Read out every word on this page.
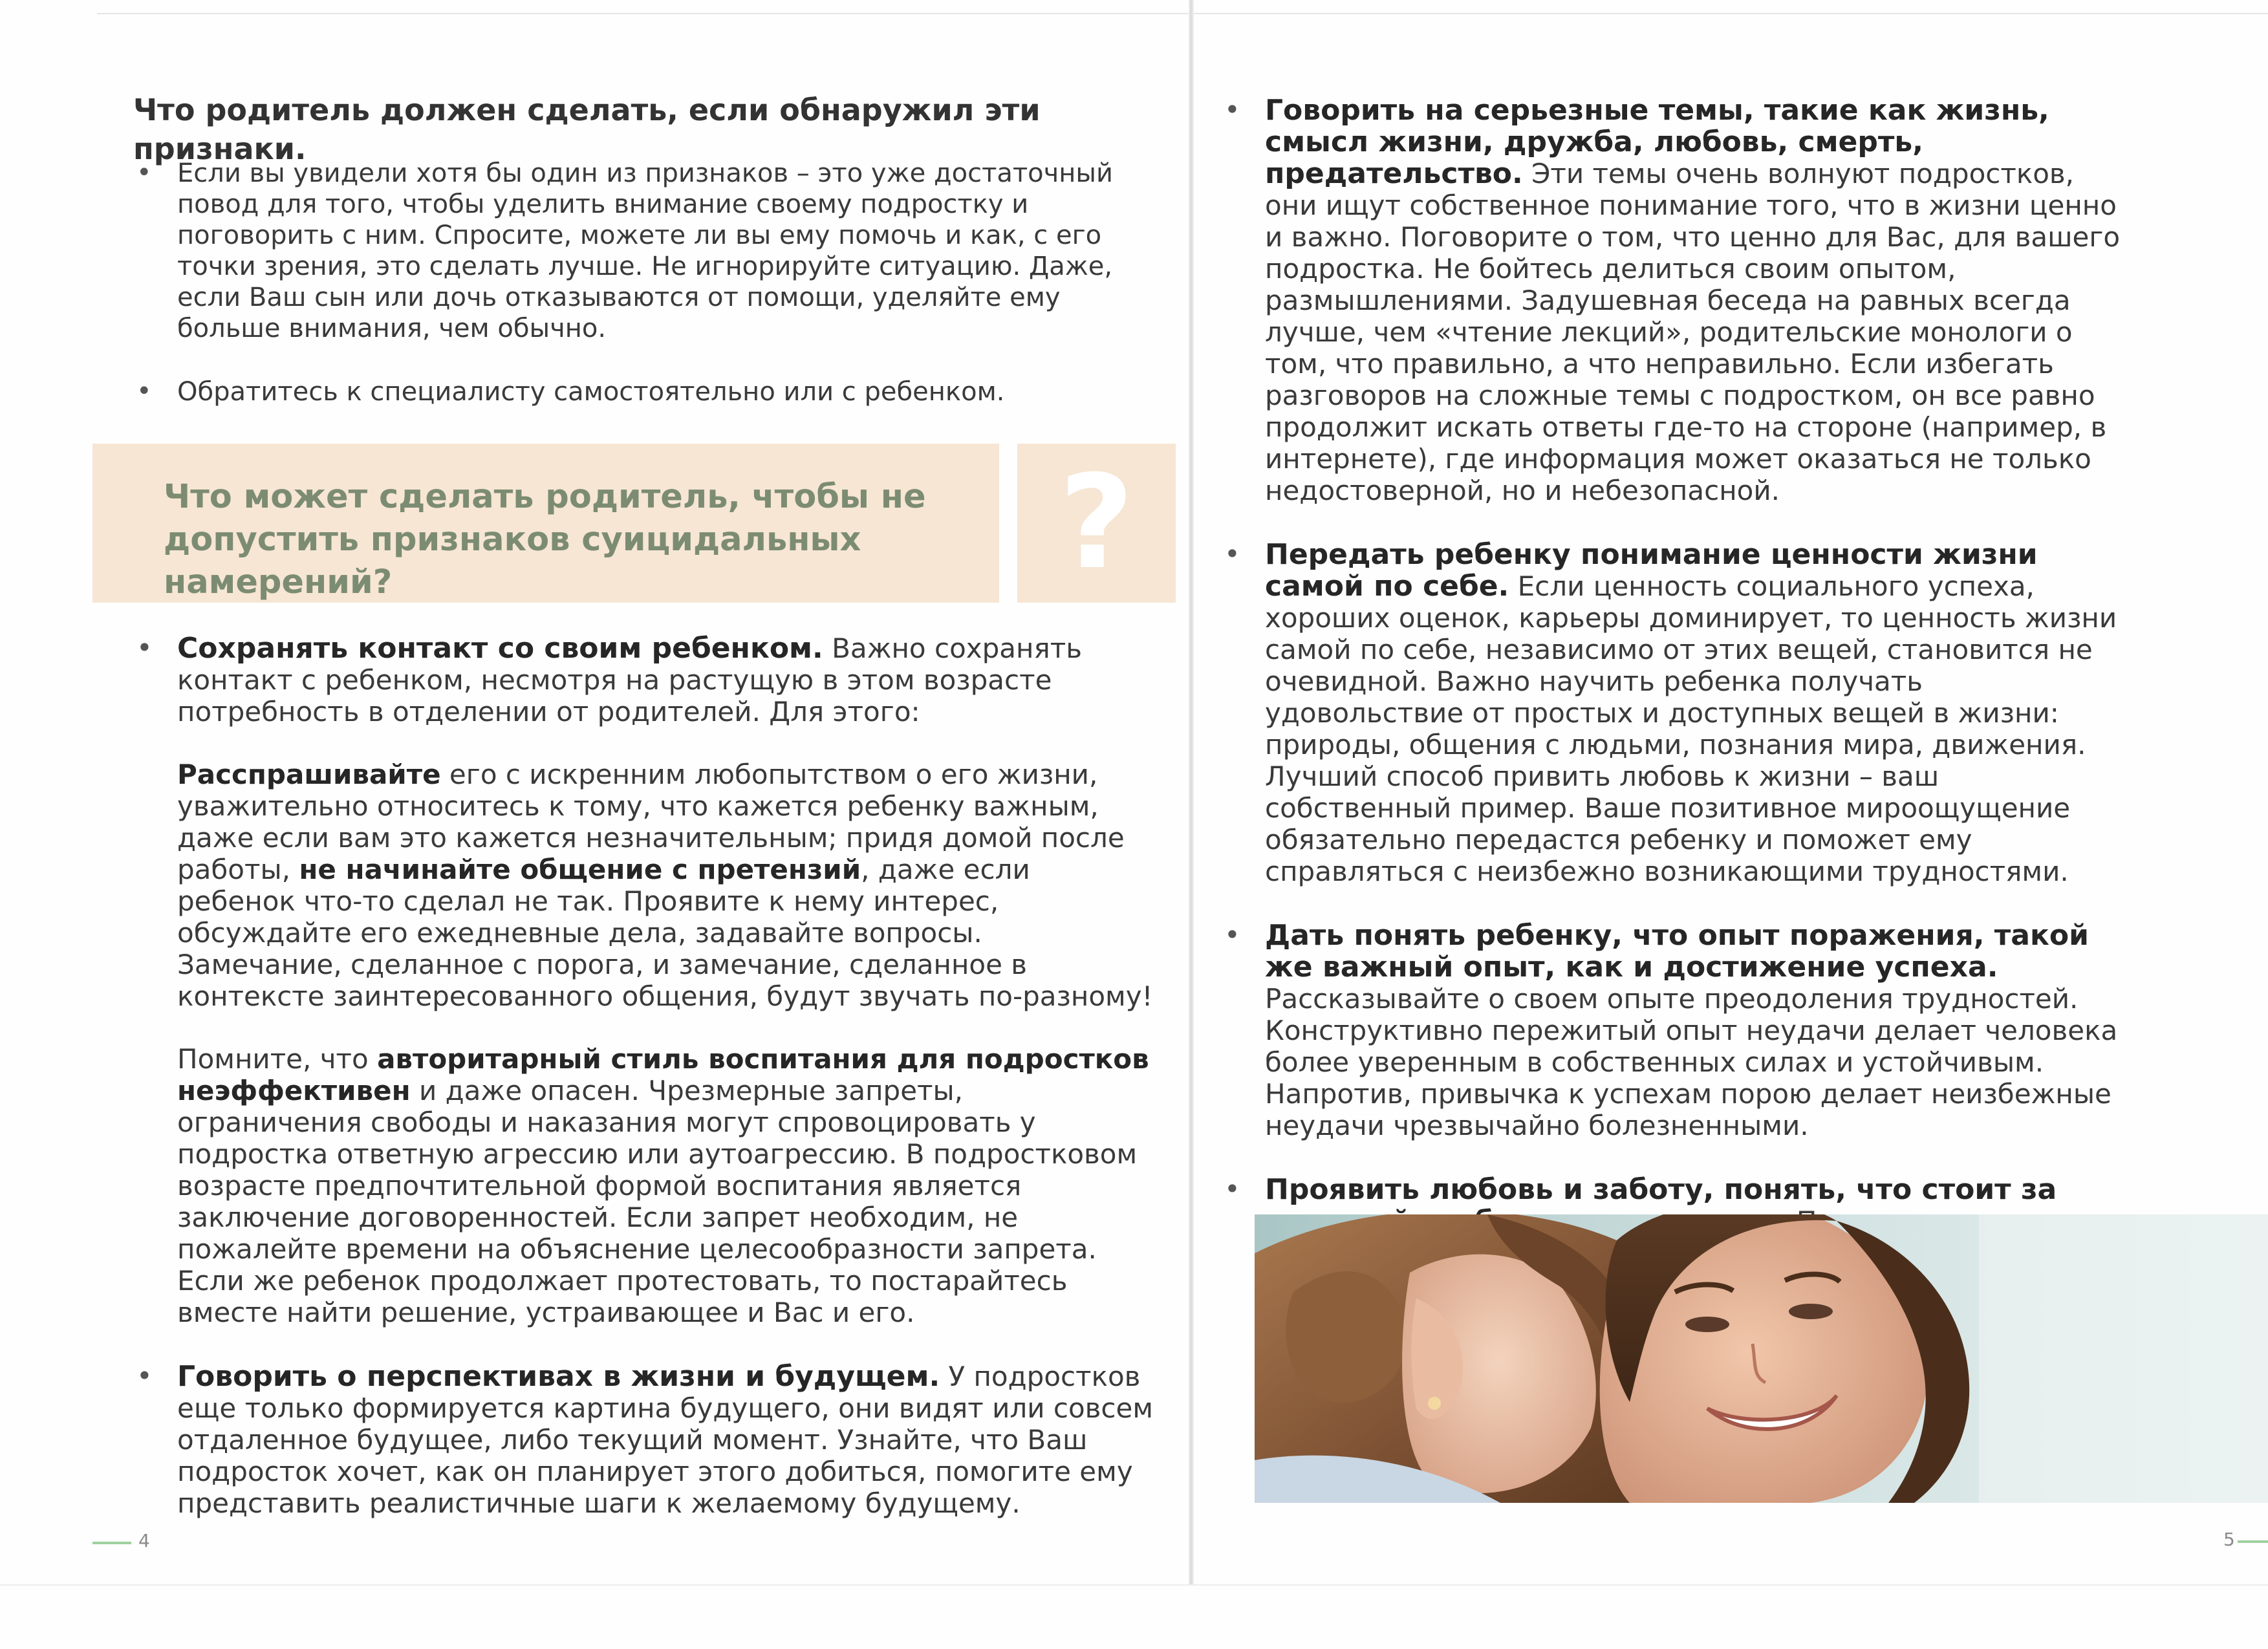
Что родитель должен сделать, если обнаружил эти признаки.
• Если вы увидели хотя бы один из признаков – это уже достаточный повод для того, чтобы уделить внимание своему подростку и поговорить с ним. Спросите, можете ли вы ему помочь и как, с его точки зрения, это сделать лучше. Не игнорируйте ситуацию. Даже, если Ваш сын или дочь отказываются от помощи, уделяйте ему больше внимания, чем обычно.

• Обратитесь к специалисту самостоятельно или с ребенком.

Что может сделать родитель, чтобы не допустить признаков суицидальных намерений?	?
• Сохранять контакт со своим ребенком. Важно сохранять контакт с ребенком, несмотря на растущую в этом возрасте потребность в отделении от родителей. Для этого:

Расспрашивайте его с искренним любопытством о его жизни, уважительно относитесь к тому, что кажется ребенку важным, даже если вам это кажется незначительным; придя домой после работы, не начинайте общение с претензий, даже если ребенок что-то сделал не так. Проявите к нему интерес, обсуждайте его ежедневные дела, задавайте вопросы. Замечание, сделанное с порога, и замечание, сделанное в контексте заинтересованного общения, будут звучать по-разному!

Помните, что авторитарный стиль воспитания для подростков неэффективен и даже опасен. Чрезмерные запреты, ограничения свободы и наказания могут спровоцировать у подростка ответную агрессию или аутоагрессию. В подростковом возрасте предпочтительной формой воспитания является заключение договоренностей. Если запрет необходим, не пожалейте времени на объяснение целесообразности запрета. Если же ребенок продолжает протестовать, то постарайтесь вместе найти решение, устраивающее и Вас и его.

• Говорить о перспективах в жизни и будущем. У подростков еще только формируется картина будущего, они видят или совсем отдаленное будущее, либо текущий момент. Узнайте, что Ваш подросток хочет, как он планирует этого добиться, помогите ему представить реалистичные шаги к желаемому будущему.

4
• Говорить на серьезные темы, такие как жизнь, смысл жизни, дружба, любовь, смерть, предательство. Эти темы очень волнуют подростков, они ищут собственное понимание того, что в жизни ценно и важно. Поговорите о том, что ценно для Вас, для вашего подростка. Не бойтесь делиться своим опытом, размышлениями. Задушевная беседа на равных всегда лучше, чем «чтение лекций», родительские монологи о том, что правильно, а что неправильно. Если избегать разговоров на сложные темы с подростком, он все равно продолжит искать ответы где-то на стороне (например, в интернете), где информация может оказаться не только недостоверной, но и небезопасной.

• Передать ребенку понимание ценности жизни самой по себе. Если ценность социального успеха, хороших оценок, карьеры доминирует, то ценность жизни самой по себе, независимо от этих вещей, становится не очевидной. Важно научить ребенка получать удовольствие от простых и доступных вещей в жизни: природы, общения с людьми, познания мира, движения. Лучший способ привить любовь к жизни – ваш собственный пример. Ваше позитивное мироощущение обязательно передастся ребенку и поможет ему справляться с неизбежно возникающими трудностями.

• Дать понять ребенку, что опыт поражения, такой же важный опыт, как и достижение успеха. Рассказывайте о своем опыте преодоления трудностей. Конструктивно пережитый опыт неудачи делает человека более уверенным в собственных силах и устойчивым. Напротив, привычка к успехам порою делает неизбежные неудачи чрезвычайно болезненными.

• Проявить любовь и заботу, понять, что стоит за

5
